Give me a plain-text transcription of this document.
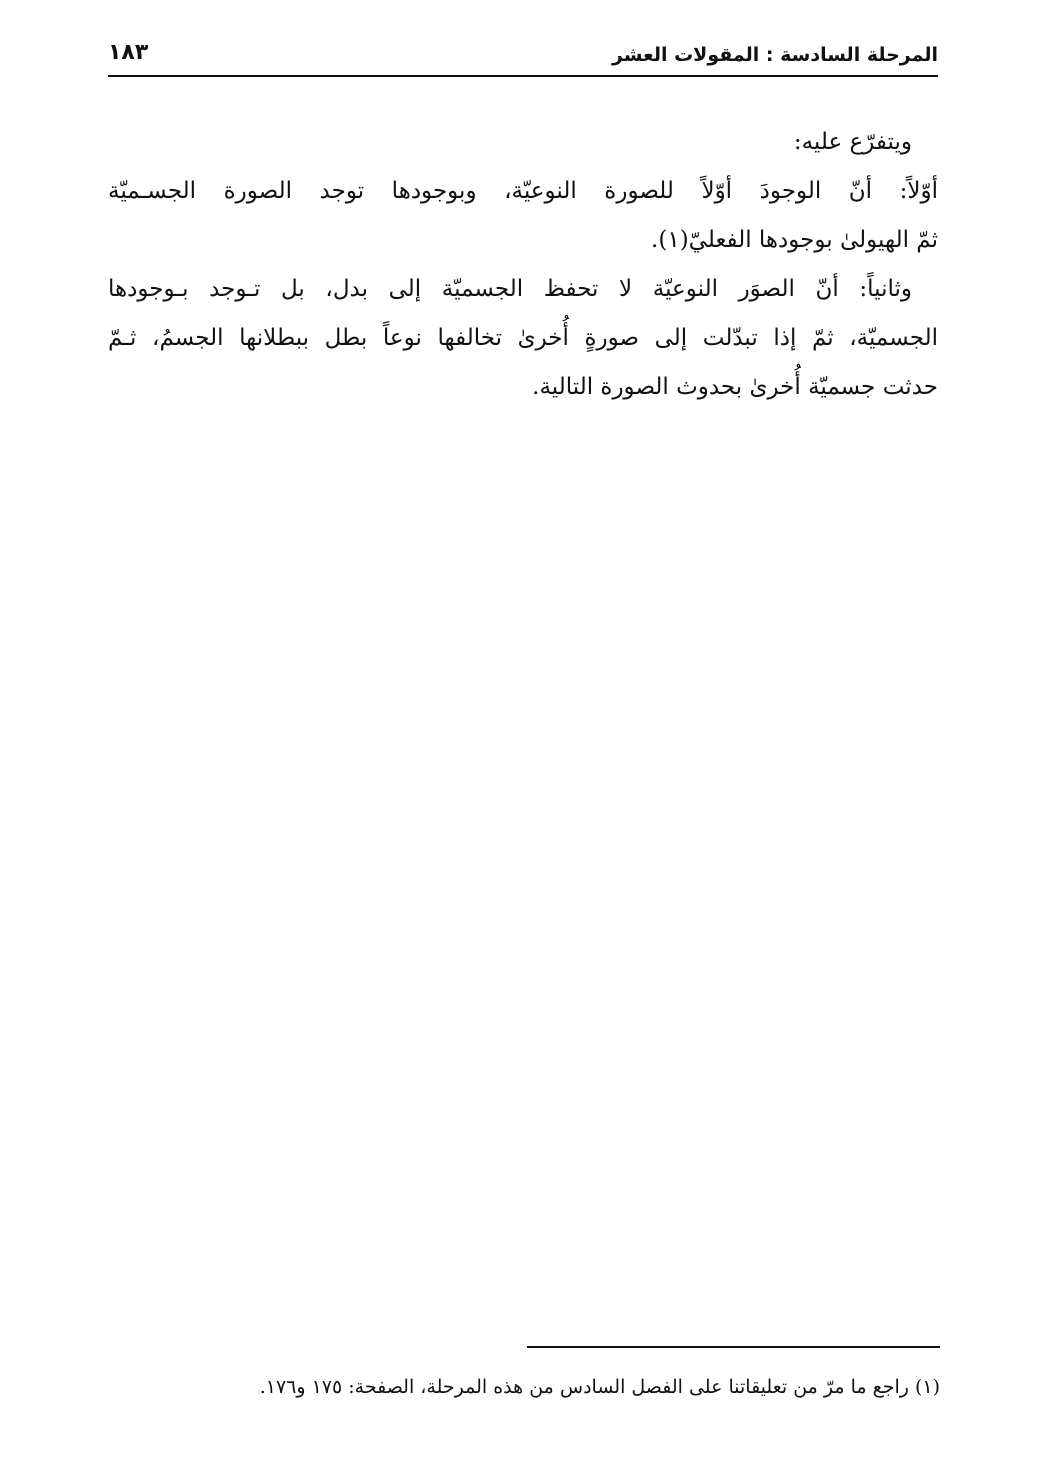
المرحلة السادسة : المقولات العشر
١٨٣
ويتفرّع عليه:
أوّلاً: أنّ الوجودَ أوّلاً للصورة النوعيّة، وبوجودها توجد الصورة الجسـميّة
ثمّ الهيولىٰ بوجودها الفعليّ(١).
وثانياً: أنّ الصوَر النوعيّة لا تحفظ الجسميّة إلى بدل، بل تـوجد بـوجودها
الجسميّة، ثمّ إذا تبدّلت إلى صورةٍ أُخرىٰ تخالفها نوعاً بطل ببطلانها الجسمُ، ثـمّ
حدثت جسميّة أُخرىٰ بحدوث الصورة التالية.
(١) راجع ما مرّ من تعليقاتنا على الفصل السادس من هذه المرحلة، الصفحة: ١٧٥ و١٧٦.
